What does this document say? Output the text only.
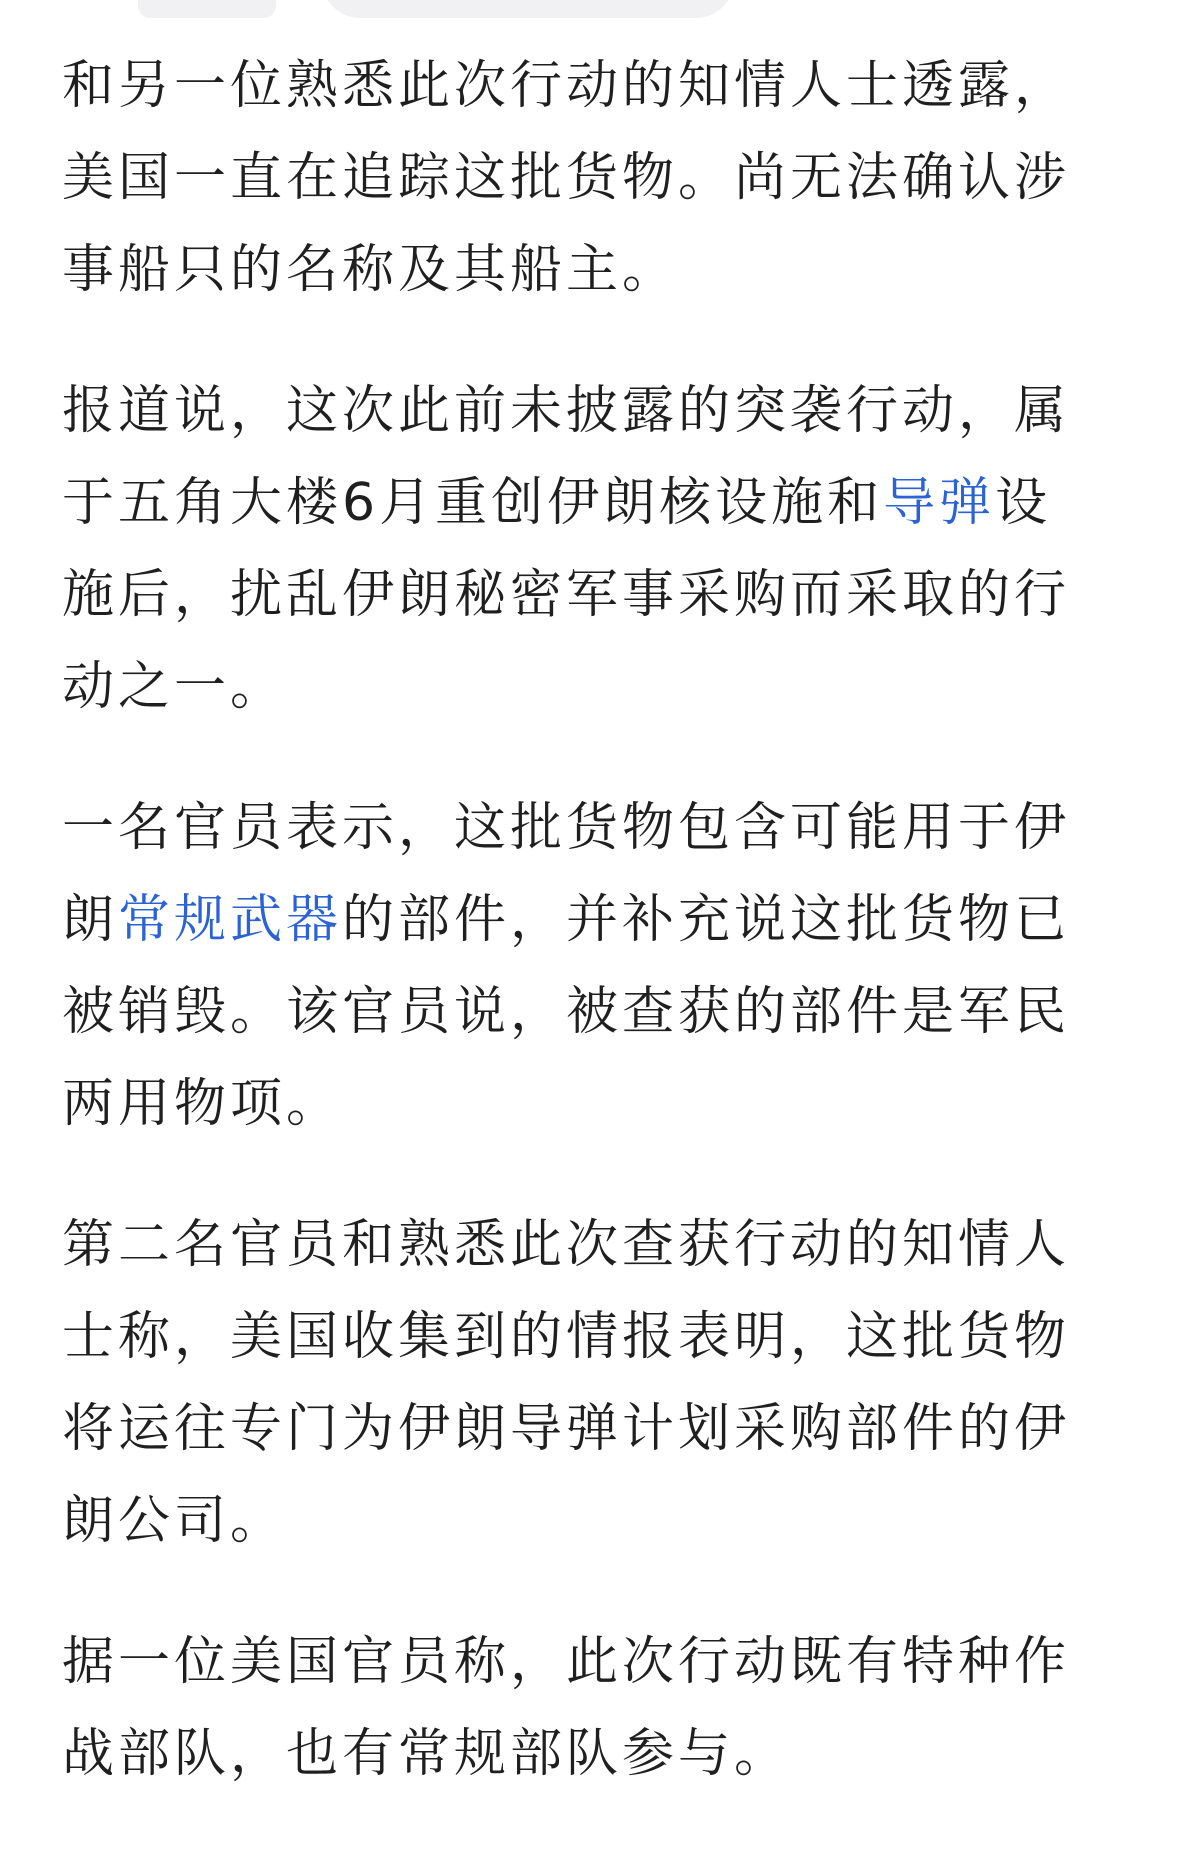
和另一位熟悉此次行动的知情人士透露，
美国一直在追踪这批货物。尚无法确认涉
事船只的名称及其船主。

报道说，这次此前未披露的突袭行动，属
于五角大楼6月重创伊朗核设施和导弹设
施后，扰乱伊朗秘密军事采购而采取的行
动之一。

一名官员表示，这批货物包含可能用于伊
朗常规武器的部件，并补充说这批货物已
被销毁。该官员说，被查获的部件是军民
两用物项。

第二名官员和熟悉此次查获行动的知情人
士称，美国收集到的情报表明，这批货物
将运往专门为伊朗导弹计划采购部件的伊
朗公司。

据一位美国官员称，此次行动既有特种作
战部队，也有常规部队参与。
